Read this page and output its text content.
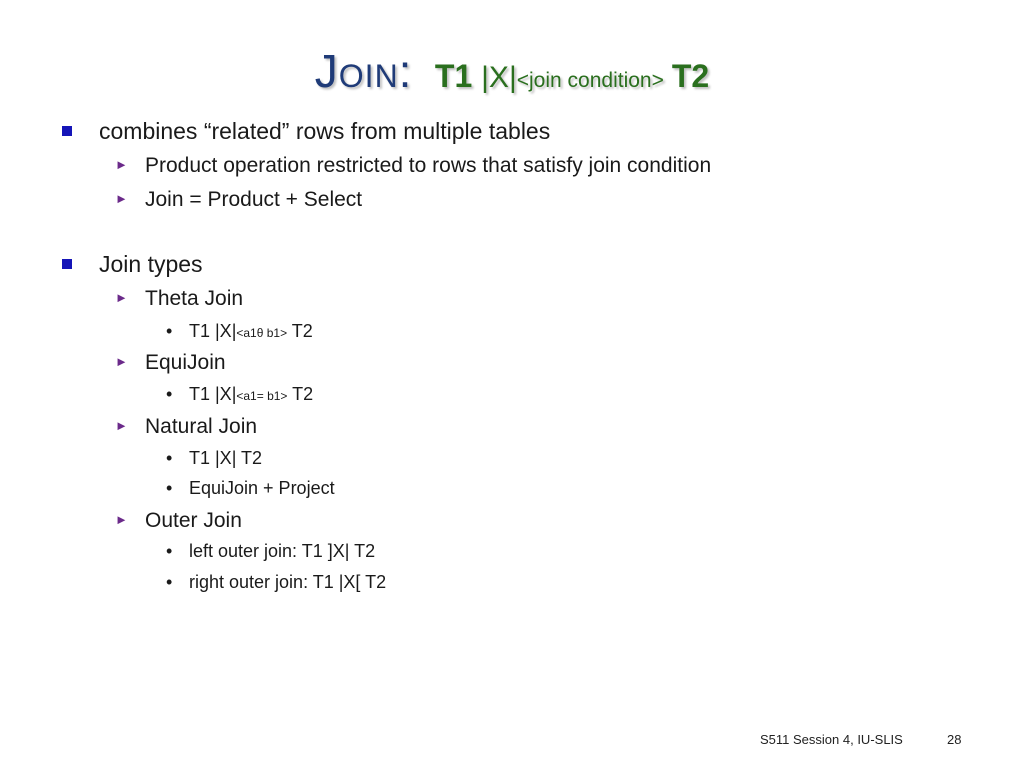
Join: T1 |X|<join condition> T2
combines “related” rows from multiple tables
► Product operation restricted to rows that satisfy join condition
► Join = Product + Select
Join types
► Theta Join
• T1 |X|<a1θ b1> T2
► EquiJoin
• T1 |X|<a1= b1> T2
► Natural Join
• T1 |X| T2
• EquiJoin + Project
► Outer Join
• left outer join: T1 ]X| T2
• right outer join: T1 |X[ T2
S511 Session 4, IU-SLIS	28
